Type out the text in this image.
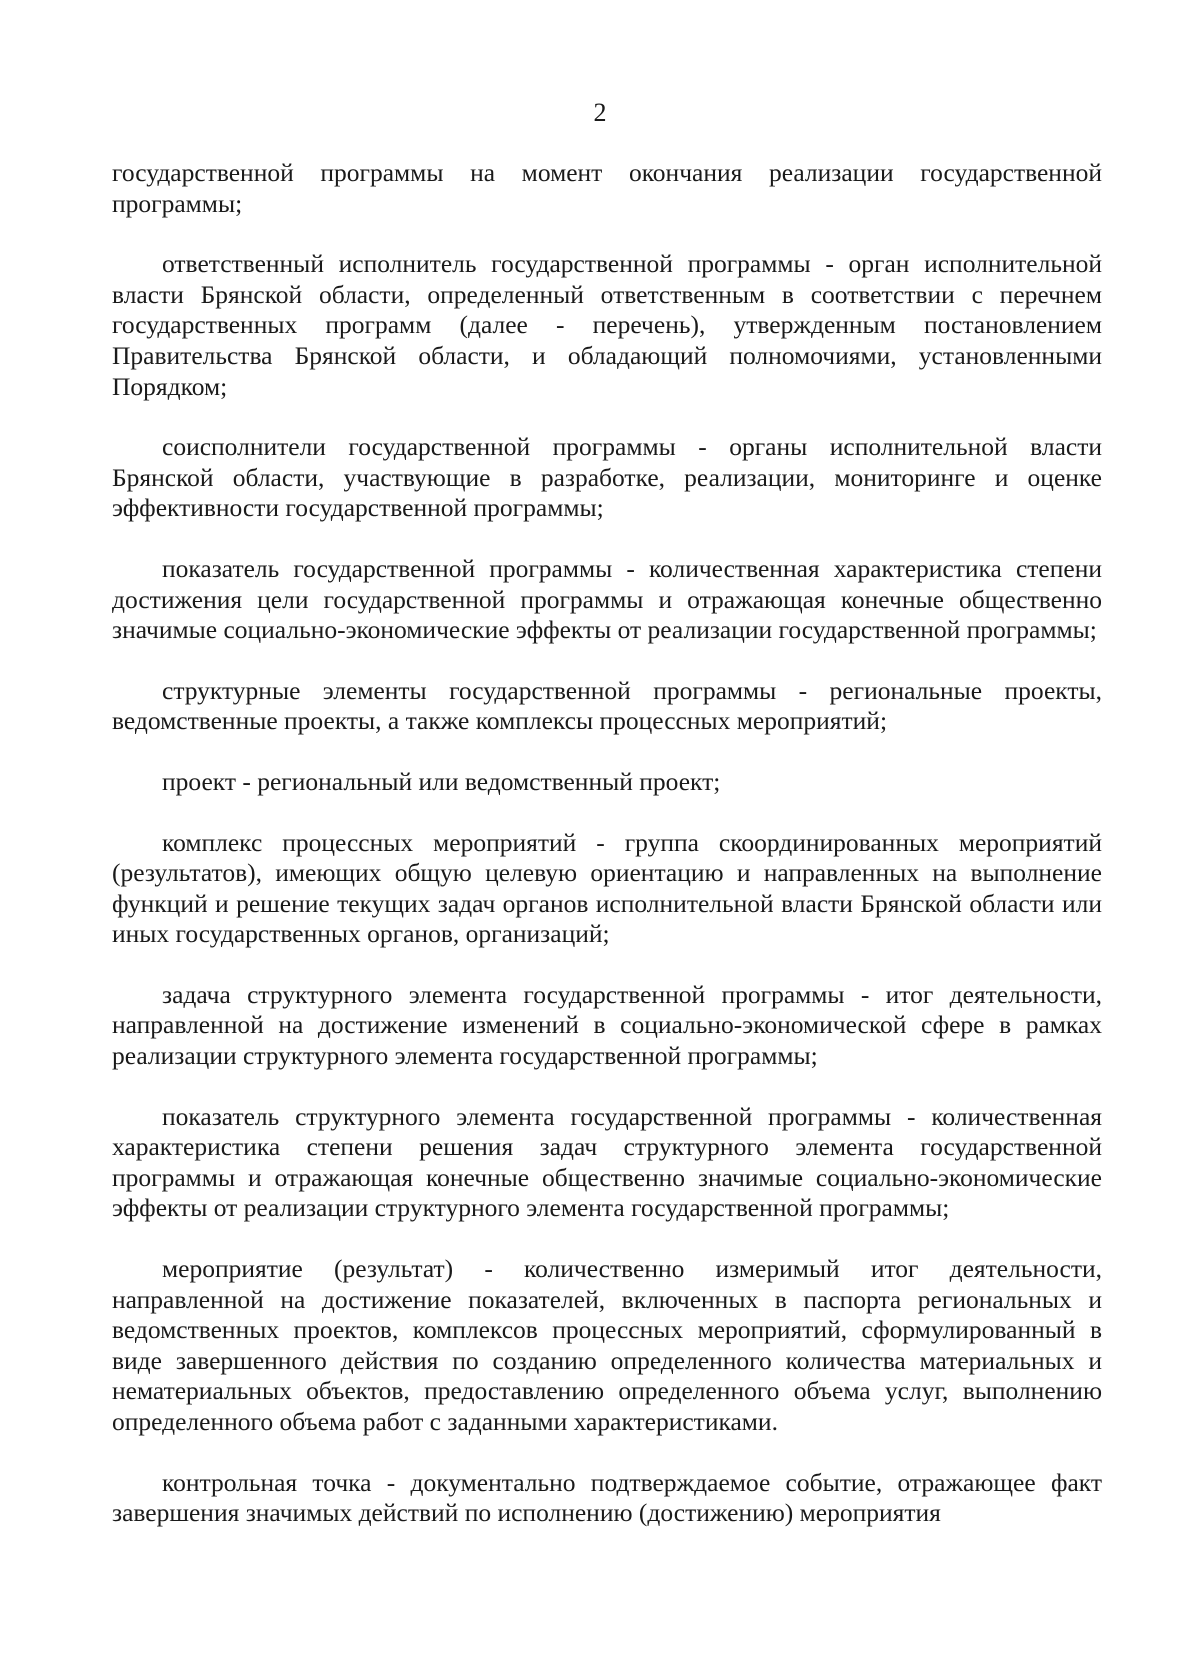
2

государственной программы на момент окончания реализации государственной программы;

ответственный исполнитель государственной программы - орган исполнительной власти Брянской области, определенный ответственным в соответствии с перечнем государственных программ (далее - перечень), утвержденным постановлением Правительства Брянской области, и обладающий полномочиями, установленными Порядком;

соисполнители государственной программы - органы исполнительной власти Брянской области, участвующие в разработке, реализации, мониторинге и оценке эффективности государственной программы;

показатель государственной программы - количественная характеристика степени достижения цели государственной программы и отражающая конечные общественно значимые социально-экономические эффекты от реализации государственной программы;

структурные элементы государственной программы - региональные проекты, ведомственные проекты, а также комплексы процессных мероприятий;

проект - региональный или ведомственный проект;

комплекс процессных мероприятий - группа скоординированных мероприятий (результатов), имеющих общую целевую ориентацию и направленных на выполнение функций и решение текущих задач органов исполнительной власти Брянской области или иных государственных органов, организаций;

задача структурного элемента государственной программы - итог деятельности, направленной на достижение изменений в социально-экономической сфере в рамках реализации структурного элемента государственной программы;

показатель структурного элемента государственной программы - количественная характеристика степени решения задач структурного элемента государственной программы и отражающая конечные общественно значимые социально-экономические эффекты от реализации структурного элемента государственной программы;

мероприятие (результат) - количественно измеримый итог деятельности, направленной на достижение показателей, включенных в паспорта региональных и ведомственных проектов, комплексов процессных мероприятий, сформулированный в виде завершенного действия по созданию определенного количества материальных и нематериальных объектов, предоставлению определенного объема услуг, выполнению определенного объема работ с заданными характеристиками.

контрольная точка - документально подтверждаемое событие, отражающее факт завершения значимых действий по исполнению (достижению) мероприятия
